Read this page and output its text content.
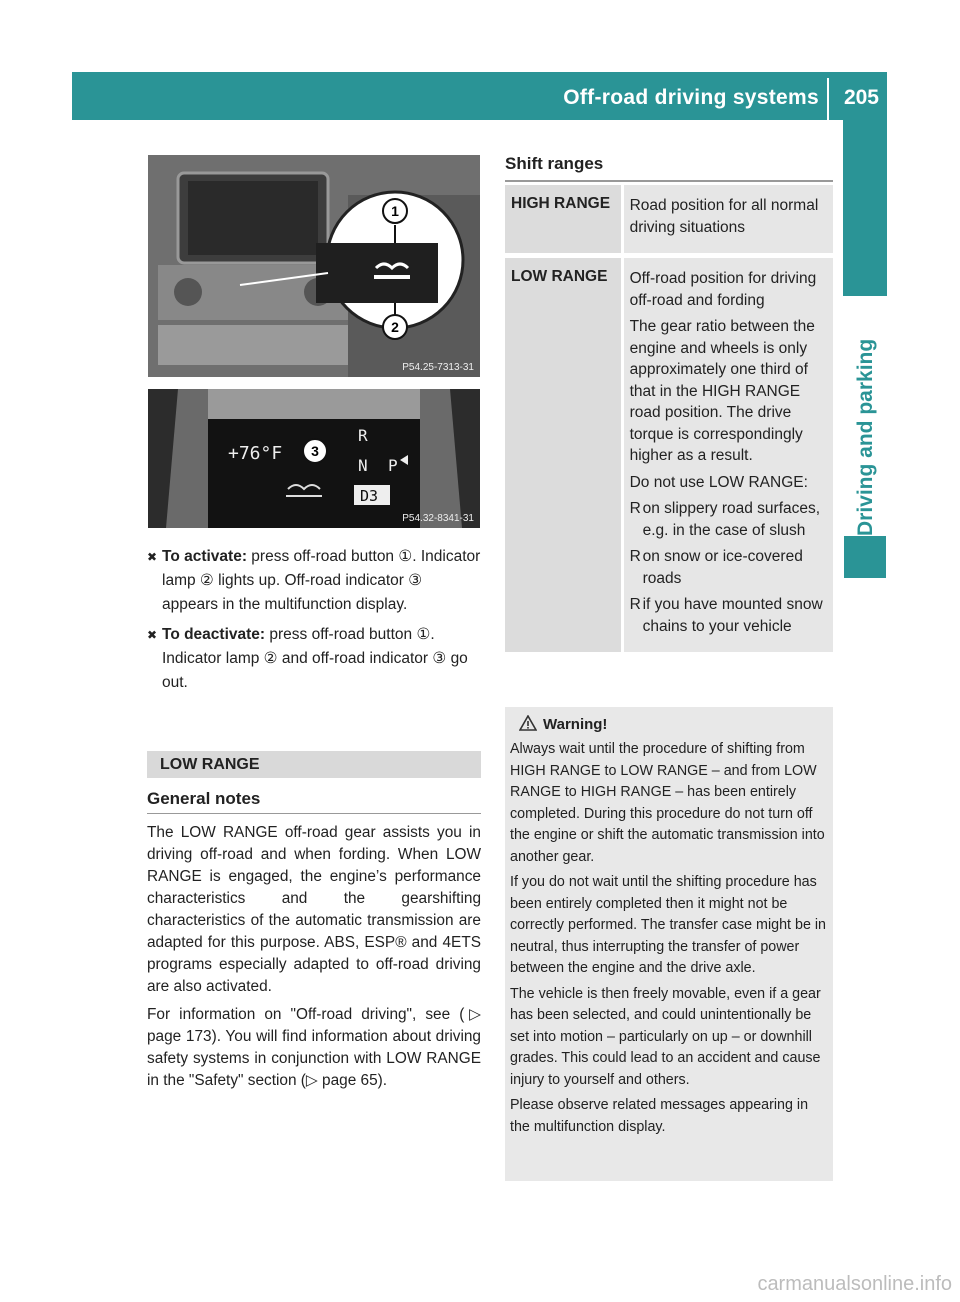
Off-road driving systems 205
Driving and parking
1
2
P54.25-7313-31
+76°F
R
N P
D3
3
P54.32-8341-31
✖ To activate: press off-road button ①. Indicator lamp ② lights up. Off-road indicator ③ appears in the multifunction display.
✖ To deactivate: press off-road button ①. Indicator lamp ② and off-road indicator ③ go out.
LOW RANGE
General notes

The LOW RANGE off-road gear assists you in driving off-road and when fording. When LOW RANGE is engaged, the engine’s performance characteristics and the gearshifting characteristics of the automatic transmission are adapted for this purpose. ABS, ESP® and 4ETS programs especially adapted to off-road driving are also activated.

For information on "Off-road driving", see (▷ page 173). You will find information about driving safety systems in conjunction with LOW RANGE in the "Safety" section (▷ page 65).

Shift ranges
HIGH RANGE	Road position for all normal driving situations

LOW RANGE	Off-road position for driving off-road and fording

The gear ratio between the engine and wheels is only approximately one third of that in the HIGH RANGE road position. The drive torque is correspondingly higher as a result.

Do not use LOW RANGE:

R on slippery road surfaces, e.g. in the case of slush
R on snow or ice-covered roads
R if you have mounted snow chains to your vehicle
Warning!

Always wait until the procedure of shifting from HIGH RANGE to LOW RANGE – and from LOW RANGE to HIGH RANGE – has been entirely completed. During this procedure do not turn off the engine or shift the automatic transmission into another gear.

If you do not wait until the shifting procedure has been entirely completed then it might not be correctly performed. The transfer case might be in neutral, thus interrupting the transfer of power between the engine and the drive axle.

The vehicle is then freely movable, even if a gear has been selected, and could unintentionally be set into motion – particularly on up – or downhill grades. This could lead to an accident and cause injury to yourself and others.

Please observe related messages appearing in the multifunction display.

carmanualsonline.info
